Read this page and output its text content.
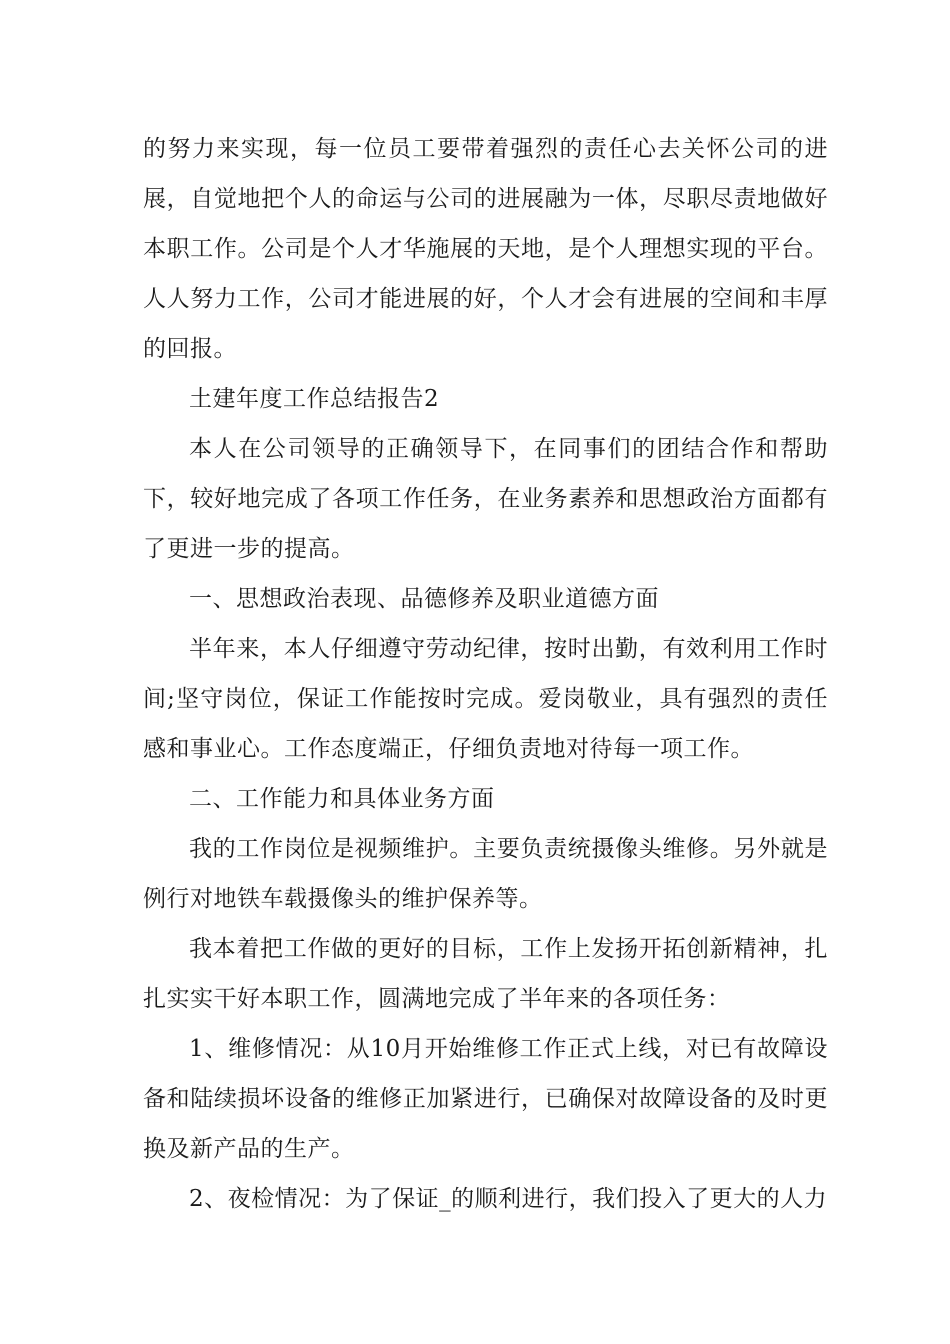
的努力来实现，每一位员工要带着强烈的责任心去关怀公司的进展，自觉地把个人的命运与公司的进展融为一体，尽职尽责地做好本职工作。公司是个人才华施展的天地，是个人理想实现的平台。人人努力工作，公司才能进展的好，个人才会有进展的空间和丰厚的回报。

土建年度工作总结报告2

本人在公司领导的正确领导下，在同事们的团结合作和帮助下，较好地完成了各项工作任务，在业务素养和思想政治方面都有了更进一步的提高。

一、思想政治表现、品德修养及职业道德方面

半年来，本人仔细遵守劳动纪律，按时出勤，有效利用工作时间;坚守岗位，保证工作能按时完成。爱岗敬业，具有强烈的责任感和事业心。工作态度端正，仔细负责地对待每一项工作。

二、工作能力和具体业务方面

我的工作岗位是视频维护。主要负责统摄像头维修。另外就是例行对地铁车载摄像头的维护保养等。

我本着把工作做的更好的目标，工作上发扬开拓创新精神，扎扎实实干好本职工作，圆满地完成了半年来的各项任务：

1、维修情况：从10月开始维修工作正式上线，对已有故障设备和陆续损坏设备的维修正加紧进行，已确保对故障设备的及时更换及新产品的生产。

2、夜检情况：为了保证_的顺利进行，我们投入了更大的人力
